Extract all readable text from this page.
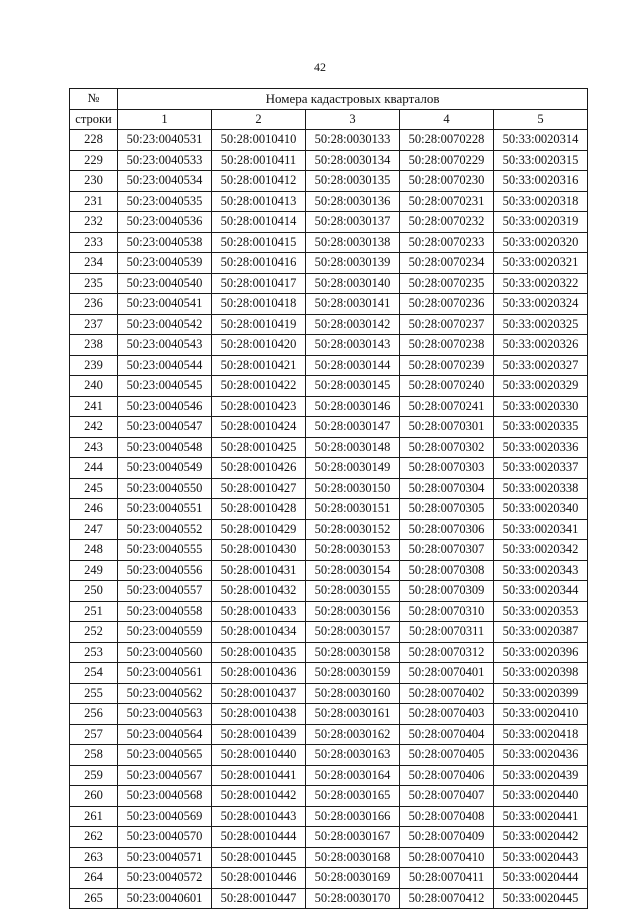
42
№	Номера кадастровых кварталов				
строки	1	2	3	4	5
228	50:23:0040531	50:28:0010410	50:28:0030133	50:28:0070228	50:33:0020314
229	50:23:0040533	50:28:0010411	50:28:0030134	50:28:0070229	50:33:0020315
230	50:23:0040534	50:28:0010412	50:28:0030135	50:28:0070230	50:33:0020316
231	50:23:0040535	50:28:0010413	50:28:0030136	50:28:0070231	50:33:0020318
232	50:23:0040536	50:28:0010414	50:28:0030137	50:28:0070232	50:33:0020319
233	50:23:0040538	50:28:0010415	50:28:0030138	50:28:0070233	50:33:0020320
234	50:23:0040539	50:28:0010416	50:28:0030139	50:28:0070234	50:33:0020321
235	50:23:0040540	50:28:0010417	50:28:0030140	50:28:0070235	50:33:0020322
236	50:23:0040541	50:28:0010418	50:28:0030141	50:28:0070236	50:33:0020324
237	50:23:0040542	50:28:0010419	50:28:0030142	50:28:0070237	50:33:0020325
238	50:23:0040543	50:28:0010420	50:28:0030143	50:28:0070238	50:33:0020326
239	50:23:0040544	50:28:0010421	50:28:0030144	50:28:0070239	50:33:0020327
240	50:23:0040545	50:28:0010422	50:28:0030145	50:28:0070240	50:33:0020329
241	50:23:0040546	50:28:0010423	50:28:0030146	50:28:0070241	50:33:0020330
242	50:23:0040547	50:28:0010424	50:28:0030147	50:28:0070301	50:33:0020335
243	50:23:0040548	50:28:0010425	50:28:0030148	50:28:0070302	50:33:0020336
244	50:23:0040549	50:28:0010426	50:28:0030149	50:28:0070303	50:33:0020337
245	50:23:0040550	50:28:0010427	50:28:0030150	50:28:0070304	50:33:0020338
246	50:23:0040551	50:28:0010428	50:28:0030151	50:28:0070305	50:33:0020340
247	50:23:0040552	50:28:0010429	50:28:0030152	50:28:0070306	50:33:0020341
248	50:23:0040555	50:28:0010430	50:28:0030153	50:28:0070307	50:33:0020342
249	50:23:0040556	50:28:0010431	50:28:0030154	50:28:0070308	50:33:0020343
250	50:23:0040557	50:28:0010432	50:28:0030155	50:28:0070309	50:33:0020344
251	50:23:0040558	50:28:0010433	50:28:0030156	50:28:0070310	50:33:0020353
252	50:23:0040559	50:28:0010434	50:28:0030157	50:28:0070311	50:33:0020387
253	50:23:0040560	50:28:0010435	50:28:0030158	50:28:0070312	50:33:0020396
254	50:23:0040561	50:28:0010436	50:28:0030159	50:28:0070401	50:33:0020398
255	50:23:0040562	50:28:0010437	50:28:0030160	50:28:0070402	50:33:0020399
256	50:23:0040563	50:28:0010438	50:28:0030161	50:28:0070403	50:33:0020410
257	50:23:0040564	50:28:0010439	50:28:0030162	50:28:0070404	50:33:0020418
258	50:23:0040565	50:28:0010440	50:28:0030163	50:28:0070405	50:33:0020436
259	50:23:0040567	50:28:0010441	50:28:0030164	50:28:0070406	50:33:0020439
260	50:23:0040568	50:28:0010442	50:28:0030165	50:28:0070407	50:33:0020440
261	50:23:0040569	50:28:0010443	50:28:0030166	50:28:0070408	50:33:0020441
262	50:23:0040570	50:28:0010444	50:28:0030167	50:28:0070409	50:33:0020442
263	50:23:0040571	50:28:0010445	50:28:0030168	50:28:0070410	50:33:0020443
264	50:23:0040572	50:28:0010446	50:28:0030169	50:28:0070411	50:33:0020444
265	50:23:0040601	50:28:0010447	50:28:0030170	50:28:0070412	50:33:0020445
